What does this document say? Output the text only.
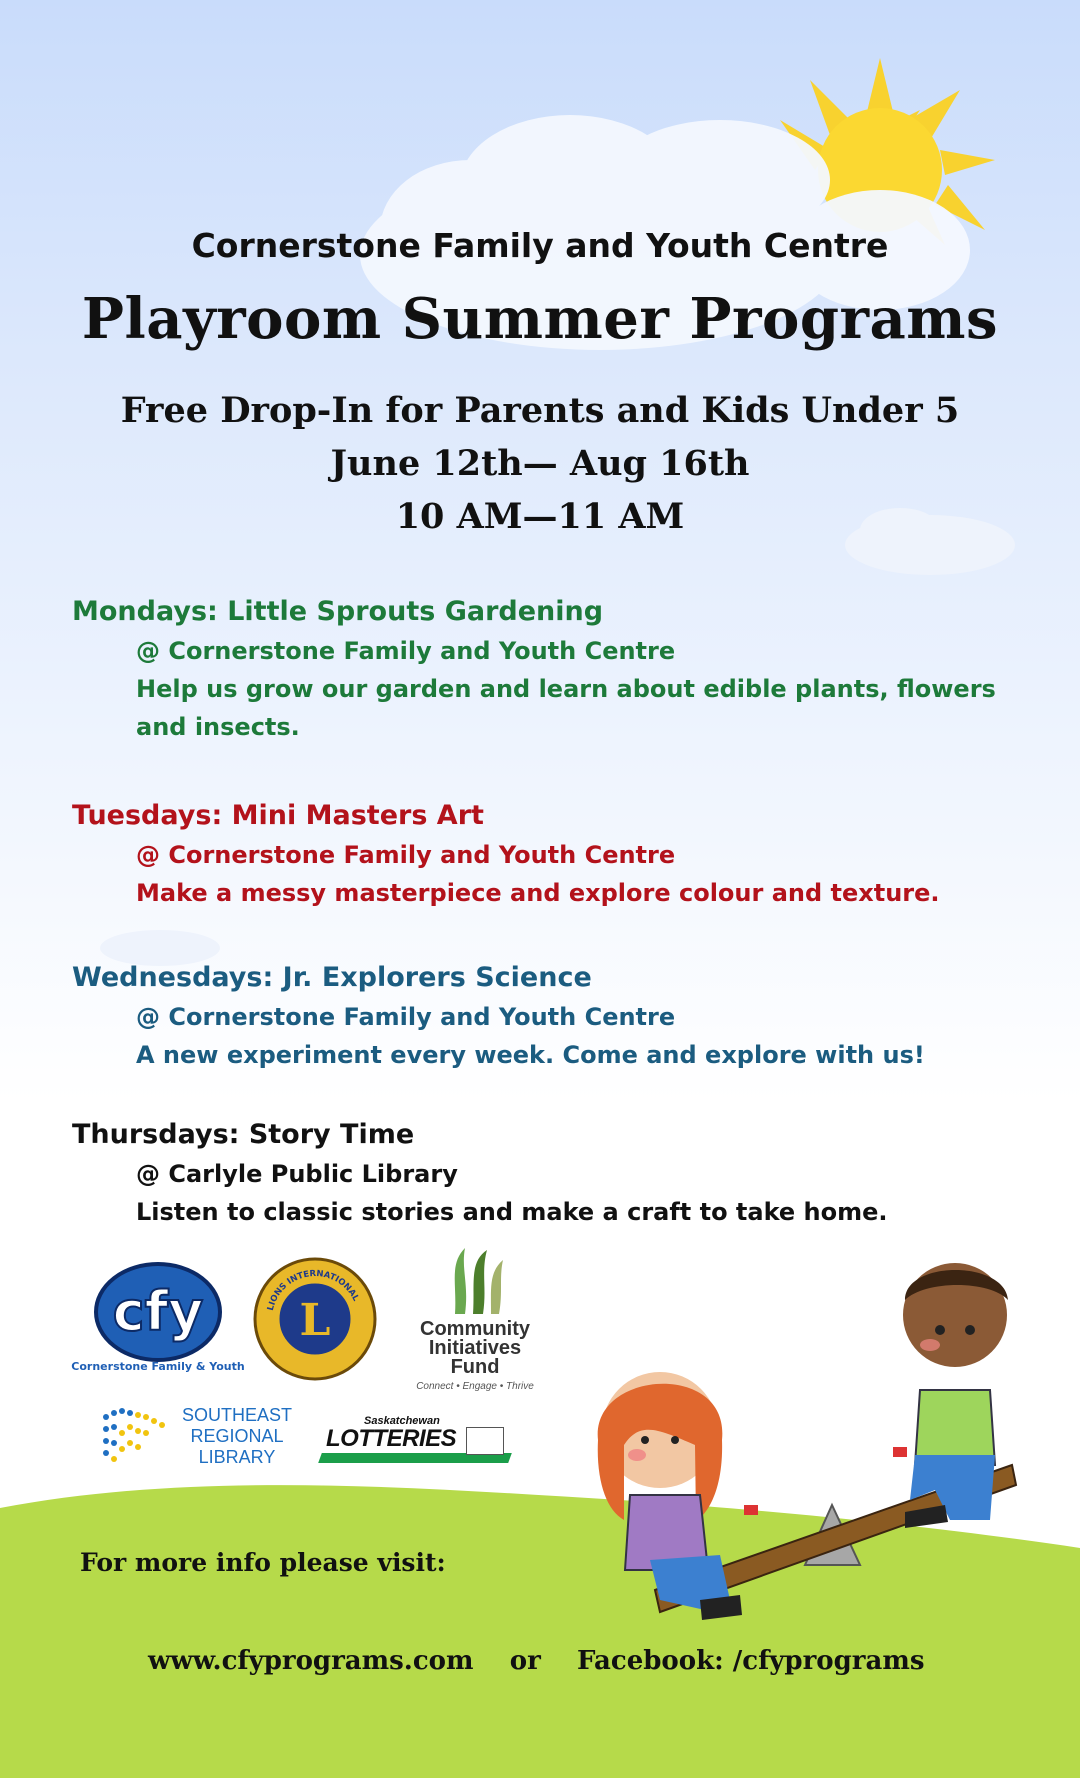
Cornerstone Family and Youth Centre
Playroom Summer Programs
Free Drop-In for Parents and Kids Under 5
June 12th— Aug 16th
10 AM—11 AM
Mondays: Little Sprouts Gardening
@ Cornerstone Family and Youth Centre
Help us grow our garden and learn about edible plants, flowers and insects.
Tuesdays: Mini Masters Art
@ Cornerstone Family and Youth Centre
Make a messy masterpiece and explore colour and texture.
Wednesdays: Jr. Explorers Science
@ Cornerstone Family and Youth Centre
A new experiment every week. Come and explore with us!
Thursdays: Story Time
@ Carlyle Public Library
Listen to classic stories and make a craft to take home.
cfy
Cornerstone Family & Youth
L
LIONS INTERNATIONAL
Community
Initiatives
Fund
Connect • Engage • Thrive
SOUTHEAST
REGIONAL
LIBRARY
Saskatchewan
LOTTERIES
For more info please visit:
www.cfyprograms.com    or    Facebook: /cfyprograms
